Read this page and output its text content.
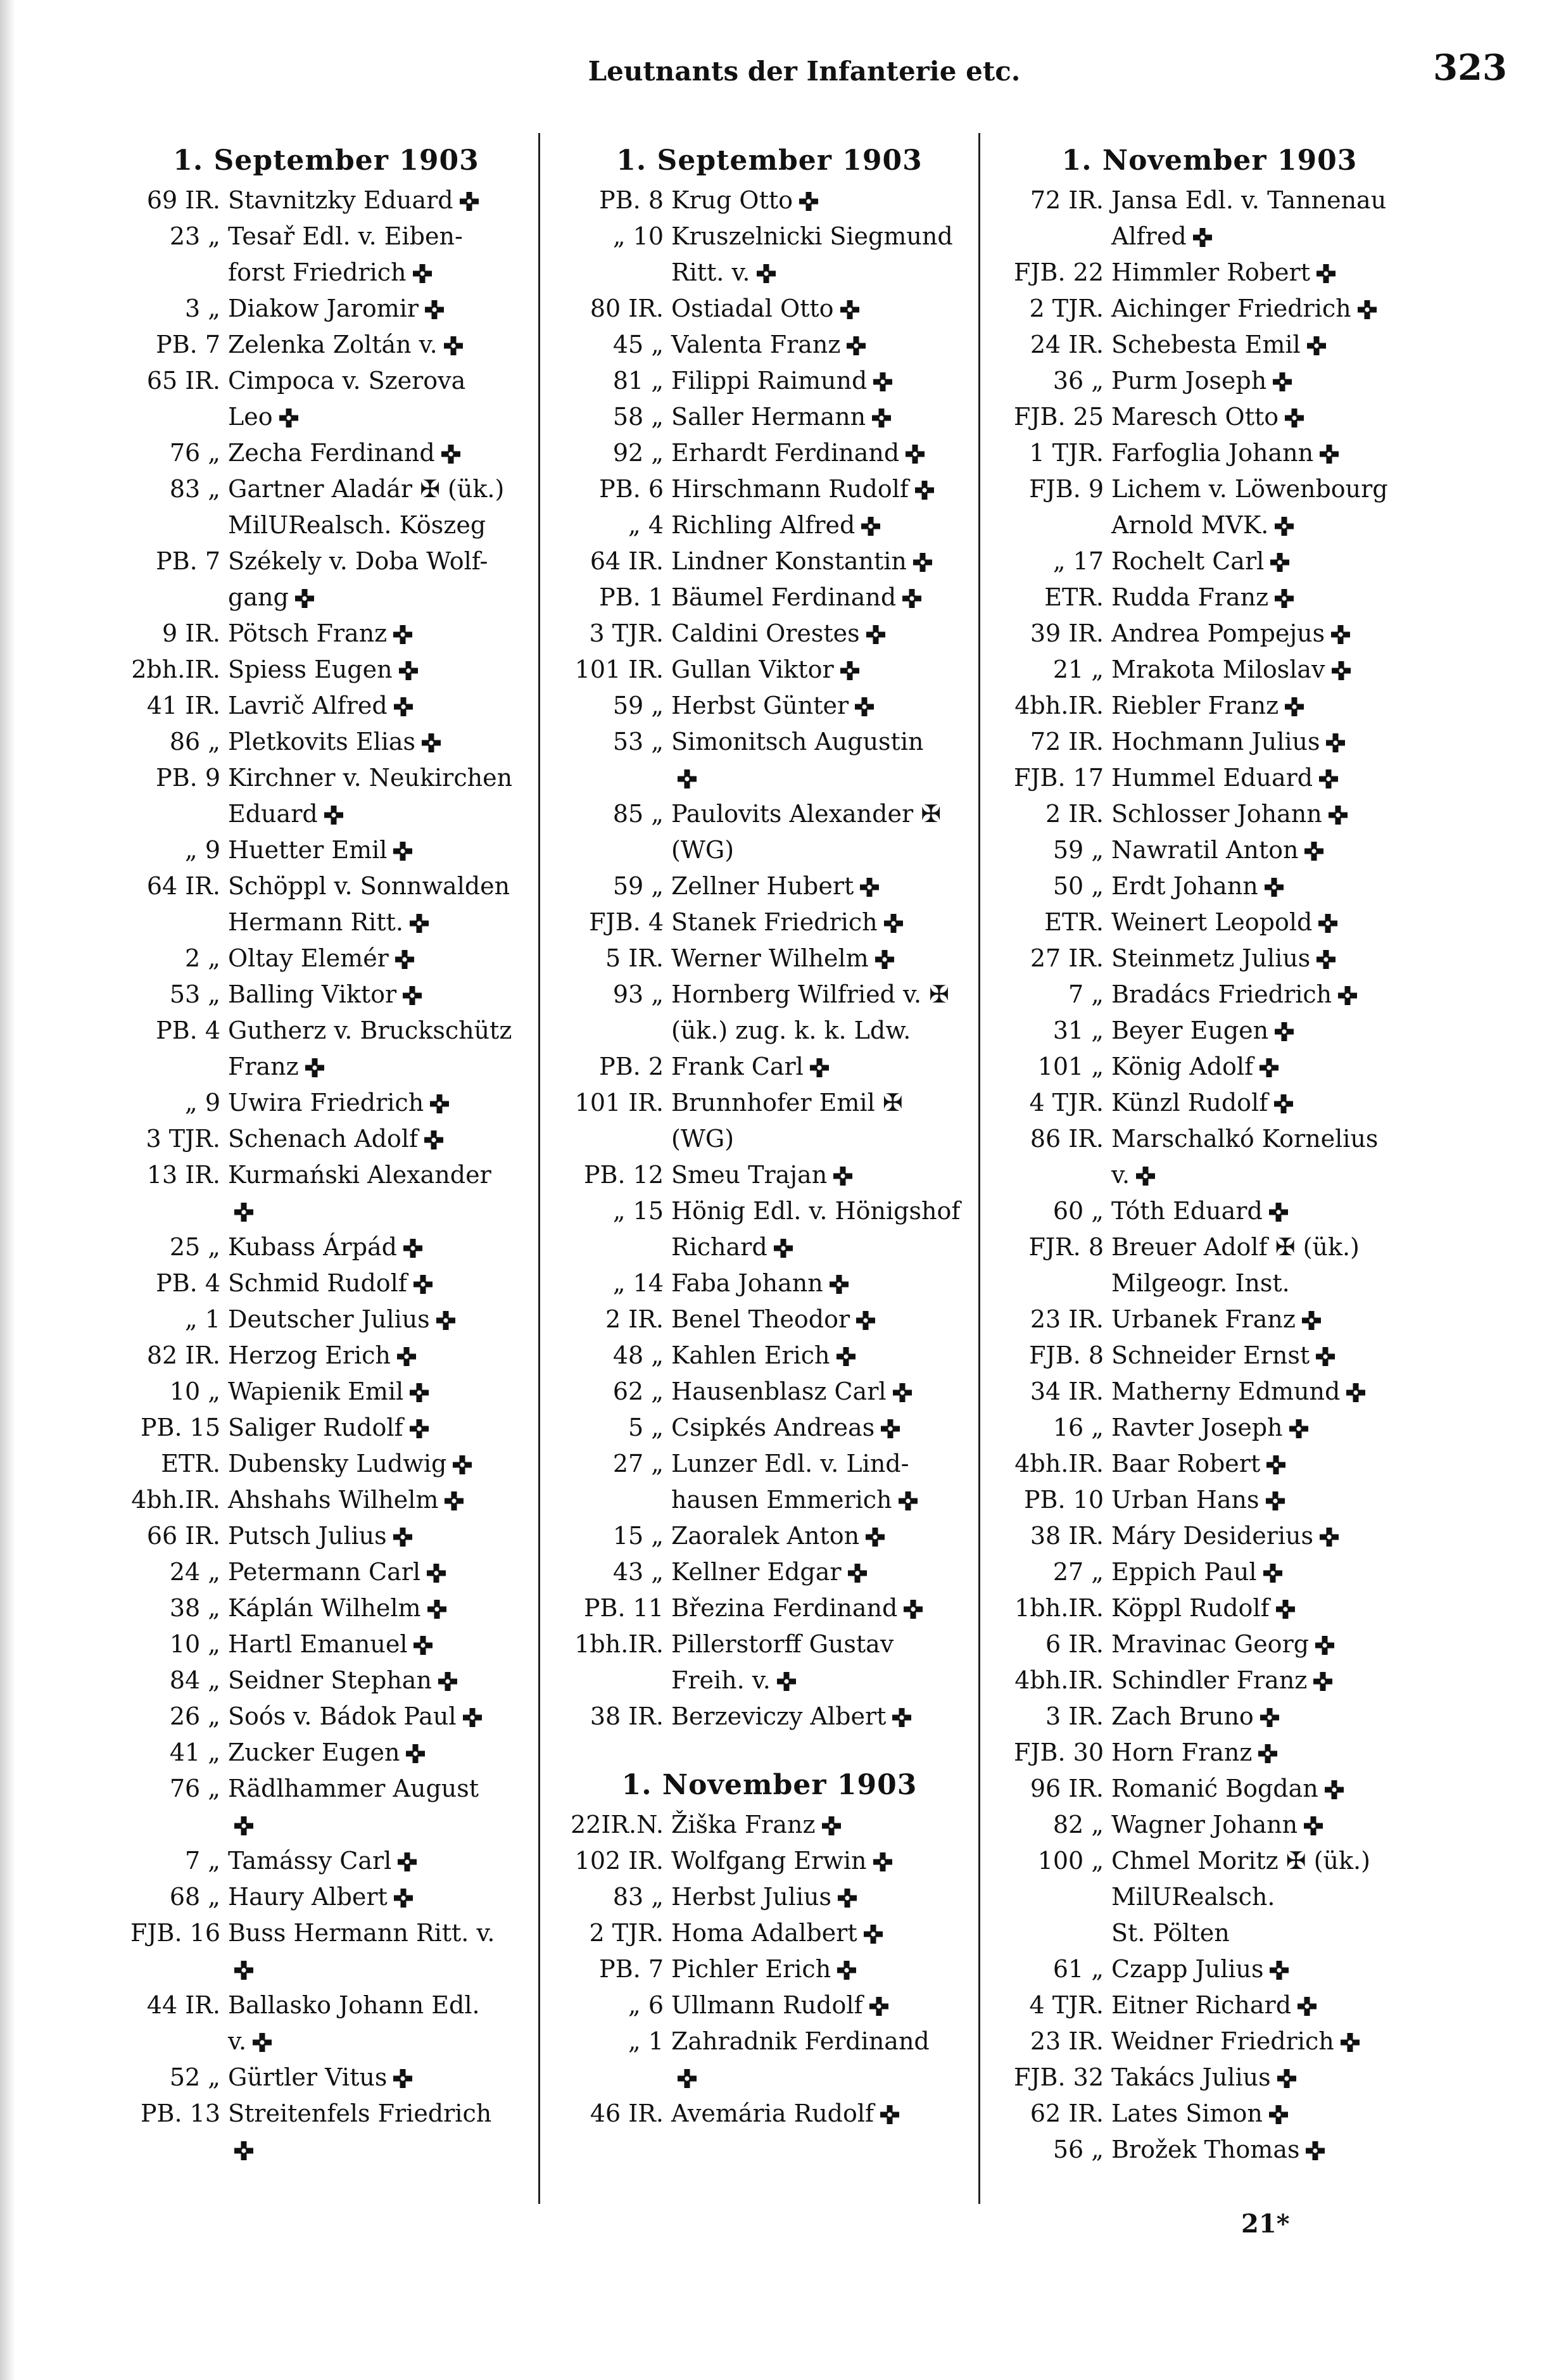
Leutnants der Infanterie etc.	323
1. September 1903
69 IR. Stavnitzky Eduard
23 „ Tesař Edl. v. Eiben-
forst Friedrich
3 „ Diakow Jaromir
PB. 7 Zelenka Zoltán v.
65 IR. Cimpoca v. Szerova
Leo
76 „ Zecha Ferdinand
83 „ Gartner Aladár ✠ (ük.)
MilURealsch. Köszeg
PB. 7 Székely v. Doba Wolf-
gang
9 IR. Pötsch Franz
2bh.IR. Spiess Eugen
41 IR. Lavrič Alfred
86 „ Pletkovits Elias
PB. 9 Kirchner v. Neukirchen
Eduard
„ 9 Huetter Emil
64 IR. Schöppl v. Sonnwalden
Hermann Ritt.
2 „ Oltay Elemér
53 „ Balling Viktor
PB. 4 Gutherz v. Bruckschütz
Franz
„ 9 Uwira Friedrich
3 TJR. Schenach Adolf
13 IR. Kurmański Alexander
25 „ Kubass Árpád
PB. 4 Schmid Rudolf
„ 1 Deutscher Julius
82 IR. Herzog Erich
10 „ Wapienik Emil
PB. 15 Saliger Rudolf
ETR. Dubensky Ludwig
4bh.IR. Ahshahs Wilhelm
66 IR. Putsch Julius
24 „ Petermann Carl
38 „ Káplán Wilhelm
10 „ Hartl Emanuel
84 „ Seidner Stephan
26 „ Soós v. Bádok Paul
41 „ Zucker Eugen
76 „ Rädlhammer August
7 „ Tamássy Carl
68 „ Haury Albert
FJB. 16 Buss Hermann Ritt. v.
44 IR. Ballasko Johann Edl.
v.
52 „ Gürtler Vitus
PB. 13 Streitenfels Friedrich
1. September 1903
PB. 8 Krug Otto
„ 10 Kruszelnicki Siegmund
Ritt. v.
80 IR. Ostiadal Otto
45 „ Valenta Franz
81 „ Filippi Raimund
58 „ Saller Hermann
92 „ Erhardt Ferdinand
PB. 6 Hirschmann Rudolf
„ 4 Richling Alfred
64 IR. Lindner Konstantin
PB. 1 Bäumel Ferdinand
3 TJR. Caldini Orestes
101 IR. Gullan Viktor
59 „ Herbst Günter
53 „ Simonitsch Augustin
85 „ Paulovits Alexander ✠
(WG)
59 „ Zellner Hubert
FJB. 4 Stanek Friedrich
5 IR. Werner Wilhelm
93 „ Hornberg Wilfried v. ✠
(ük.) zug. k. k. Ldw.
PB. 2 Frank Carl
101 IR. Brunnhofer Emil ✠
(WG)
PB. 12 Smeu Trajan
„ 15 Hönig Edl. v. Hönigshof
Richard
„ 14 Faba Johann
2 IR. Benel Theodor
48 „ Kahlen Erich
62 „ Hausenblasz Carl
5 „ Csipkés Andreas
27 „ Lunzer Edl. v. Lind-
hausen Emmerich
15 „ Zaoralek Anton
43 „ Kellner Edgar
PB. 11 Březina Ferdinand
1bh.IR. Pillerstorff Gustav
Freih. v.
38 IR. Berzeviczy Albert
1. November 1903
22IR.N. Žiška Franz
102 IR. Wolfgang Erwin
83 „ Herbst Julius
2 TJR. Homa Adalbert
PB. 7 Pichler Erich
„ 6 Ullmann Rudolf
„ 1 Zahradnik Ferdinand
46 IR. Avemária Rudolf
1. November 1903
72 IR. Jansa Edl. v. Tannenau
Alfred
FJB. 22 Himmler Robert
2 TJR. Aichinger Friedrich
24 IR. Schebesta Emil
36 „ Purm Joseph
FJB. 25 Maresch Otto
1 TJR. Farfoglia Johann
FJB. 9 Lichem v. Löwenbourg
Arnold MVK.
„ 17 Rochelt Carl
ETR. Rudda Franz
39 IR. Andrea Pompejus
21 „ Mrakota Miloslav
4bh.IR. Riebler Franz
72 IR. Hochmann Julius
FJB. 17 Hummel Eduard
2 IR. Schlosser Johann
59 „ Nawratil Anton
50 „ Erdt Johann
ETR. Weinert Leopold
27 IR. Steinmetz Julius
7 „ Bradács Friedrich
31 „ Beyer Eugen
101 „ König Adolf
4 TJR. Künzl Rudolf
86 IR. Marschalkó Kornelius
v.
60 „ Tóth Eduard
FJR. 8 Breuer Adolf ✠ (ük.)
Milgeogr. Inst.
23 IR. Urbanek Franz
FJB. 8 Schneider Ernst
34 IR. Matherny Edmund
16 „ Ravter Joseph
4bh.IR. Baar Robert
PB. 10 Urban Hans
38 IR. Máry Desiderius
27 „ Eppich Paul
1bh.IR. Köppl Rudolf
6 IR. Mravinac Georg
4bh.IR. Schindler Franz
3 IR. Zach Bruno
FJB. 30 Horn Franz
96 IR. Romanić Bogdan
82 „ Wagner Johann
100 „ Chmel Moritz ✠ (ük.)
MilURealsch.
St. Pölten
61 „ Czapp Julius
4 TJR. Eitner Richard
23 IR. Weidner Friedrich
FJB. 32 Takács Julius
62 IR. Lates Simon
56 „ Brožek Thomas
21*
